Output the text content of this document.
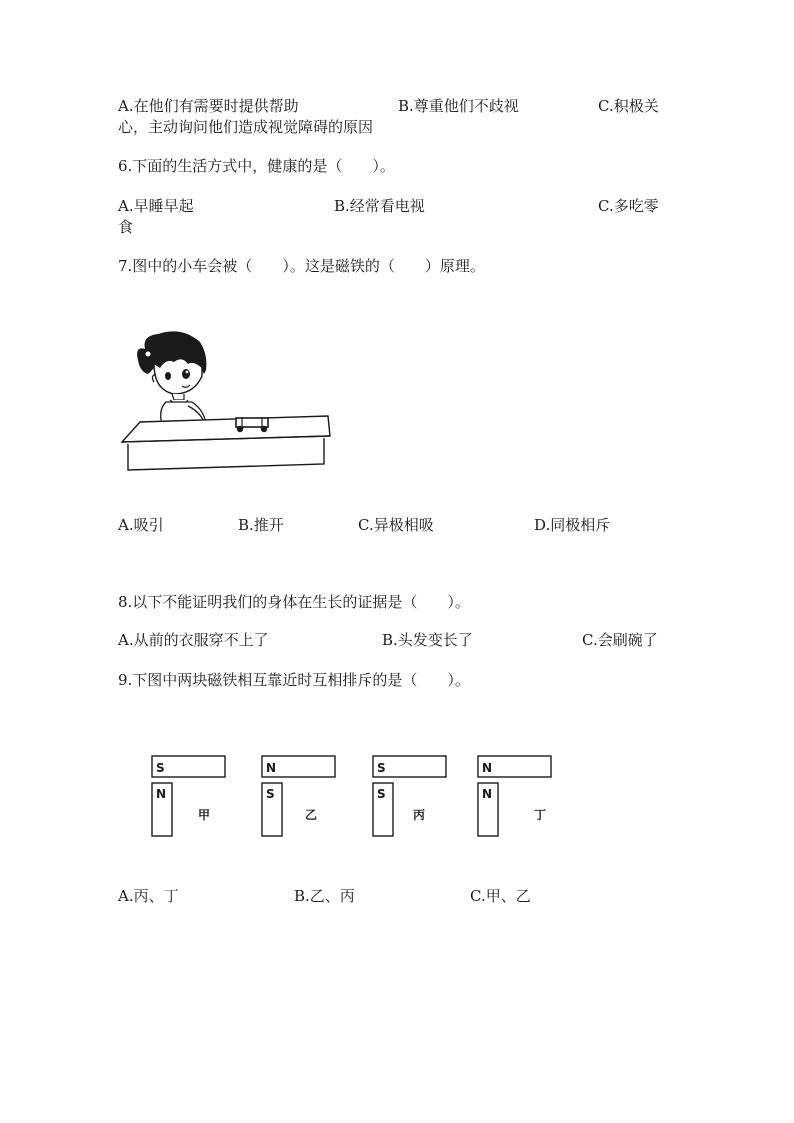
A.在他们有需要时提供帮助	B.尊重他们不歧视	C.积极关
心，主动询问他们造成视觉障碍的原因
6.下面的生活方式中，健康的是（　　）。
A.早睡早起	B.经常看电视	C.多吃零
食
7.图中的小车会被（　　）。这是磁铁的（　　）原理。
A.吸引	B.推开	C.异极相吸	D.同极相斥
8.以下不能证明我们的身体在生长的证据是（　　）。
A.从前的衣服穿不上了	B.头发变长了	C.会刷碗了
9.下图中两块磁铁相互靠近时互相排斥的是（　　）。
S
N
甲
N
S
乙
S
S
丙
N
N
丁
A.丙、丁	B.乙、丙	C.甲、乙
